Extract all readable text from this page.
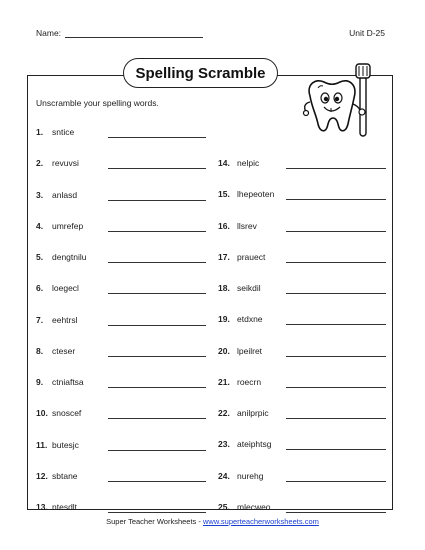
Name:	Unit D-25
Spelling Scramble
Unscramble your spelling words.
1. sntice
2. revuvsi
3. anlasd
4. umrefep
5. dengtnilu
6. loegecl
7. eehtrsl
8. cteser
9. ctniaftsa
10. snoscef
11. butesjc
12. sbtane
13. ntesdlt
14. nelpic
15. lhepeoten
16. llsrev
17. prauect
18. seikdil
19. etdxne
20. lpeilret
21. roecrn
22. anilprpic
23. ateiphtsg
24. nurehg
25. mlecweo
Super Teacher Worksheets - www.superteacherworksheets.com
